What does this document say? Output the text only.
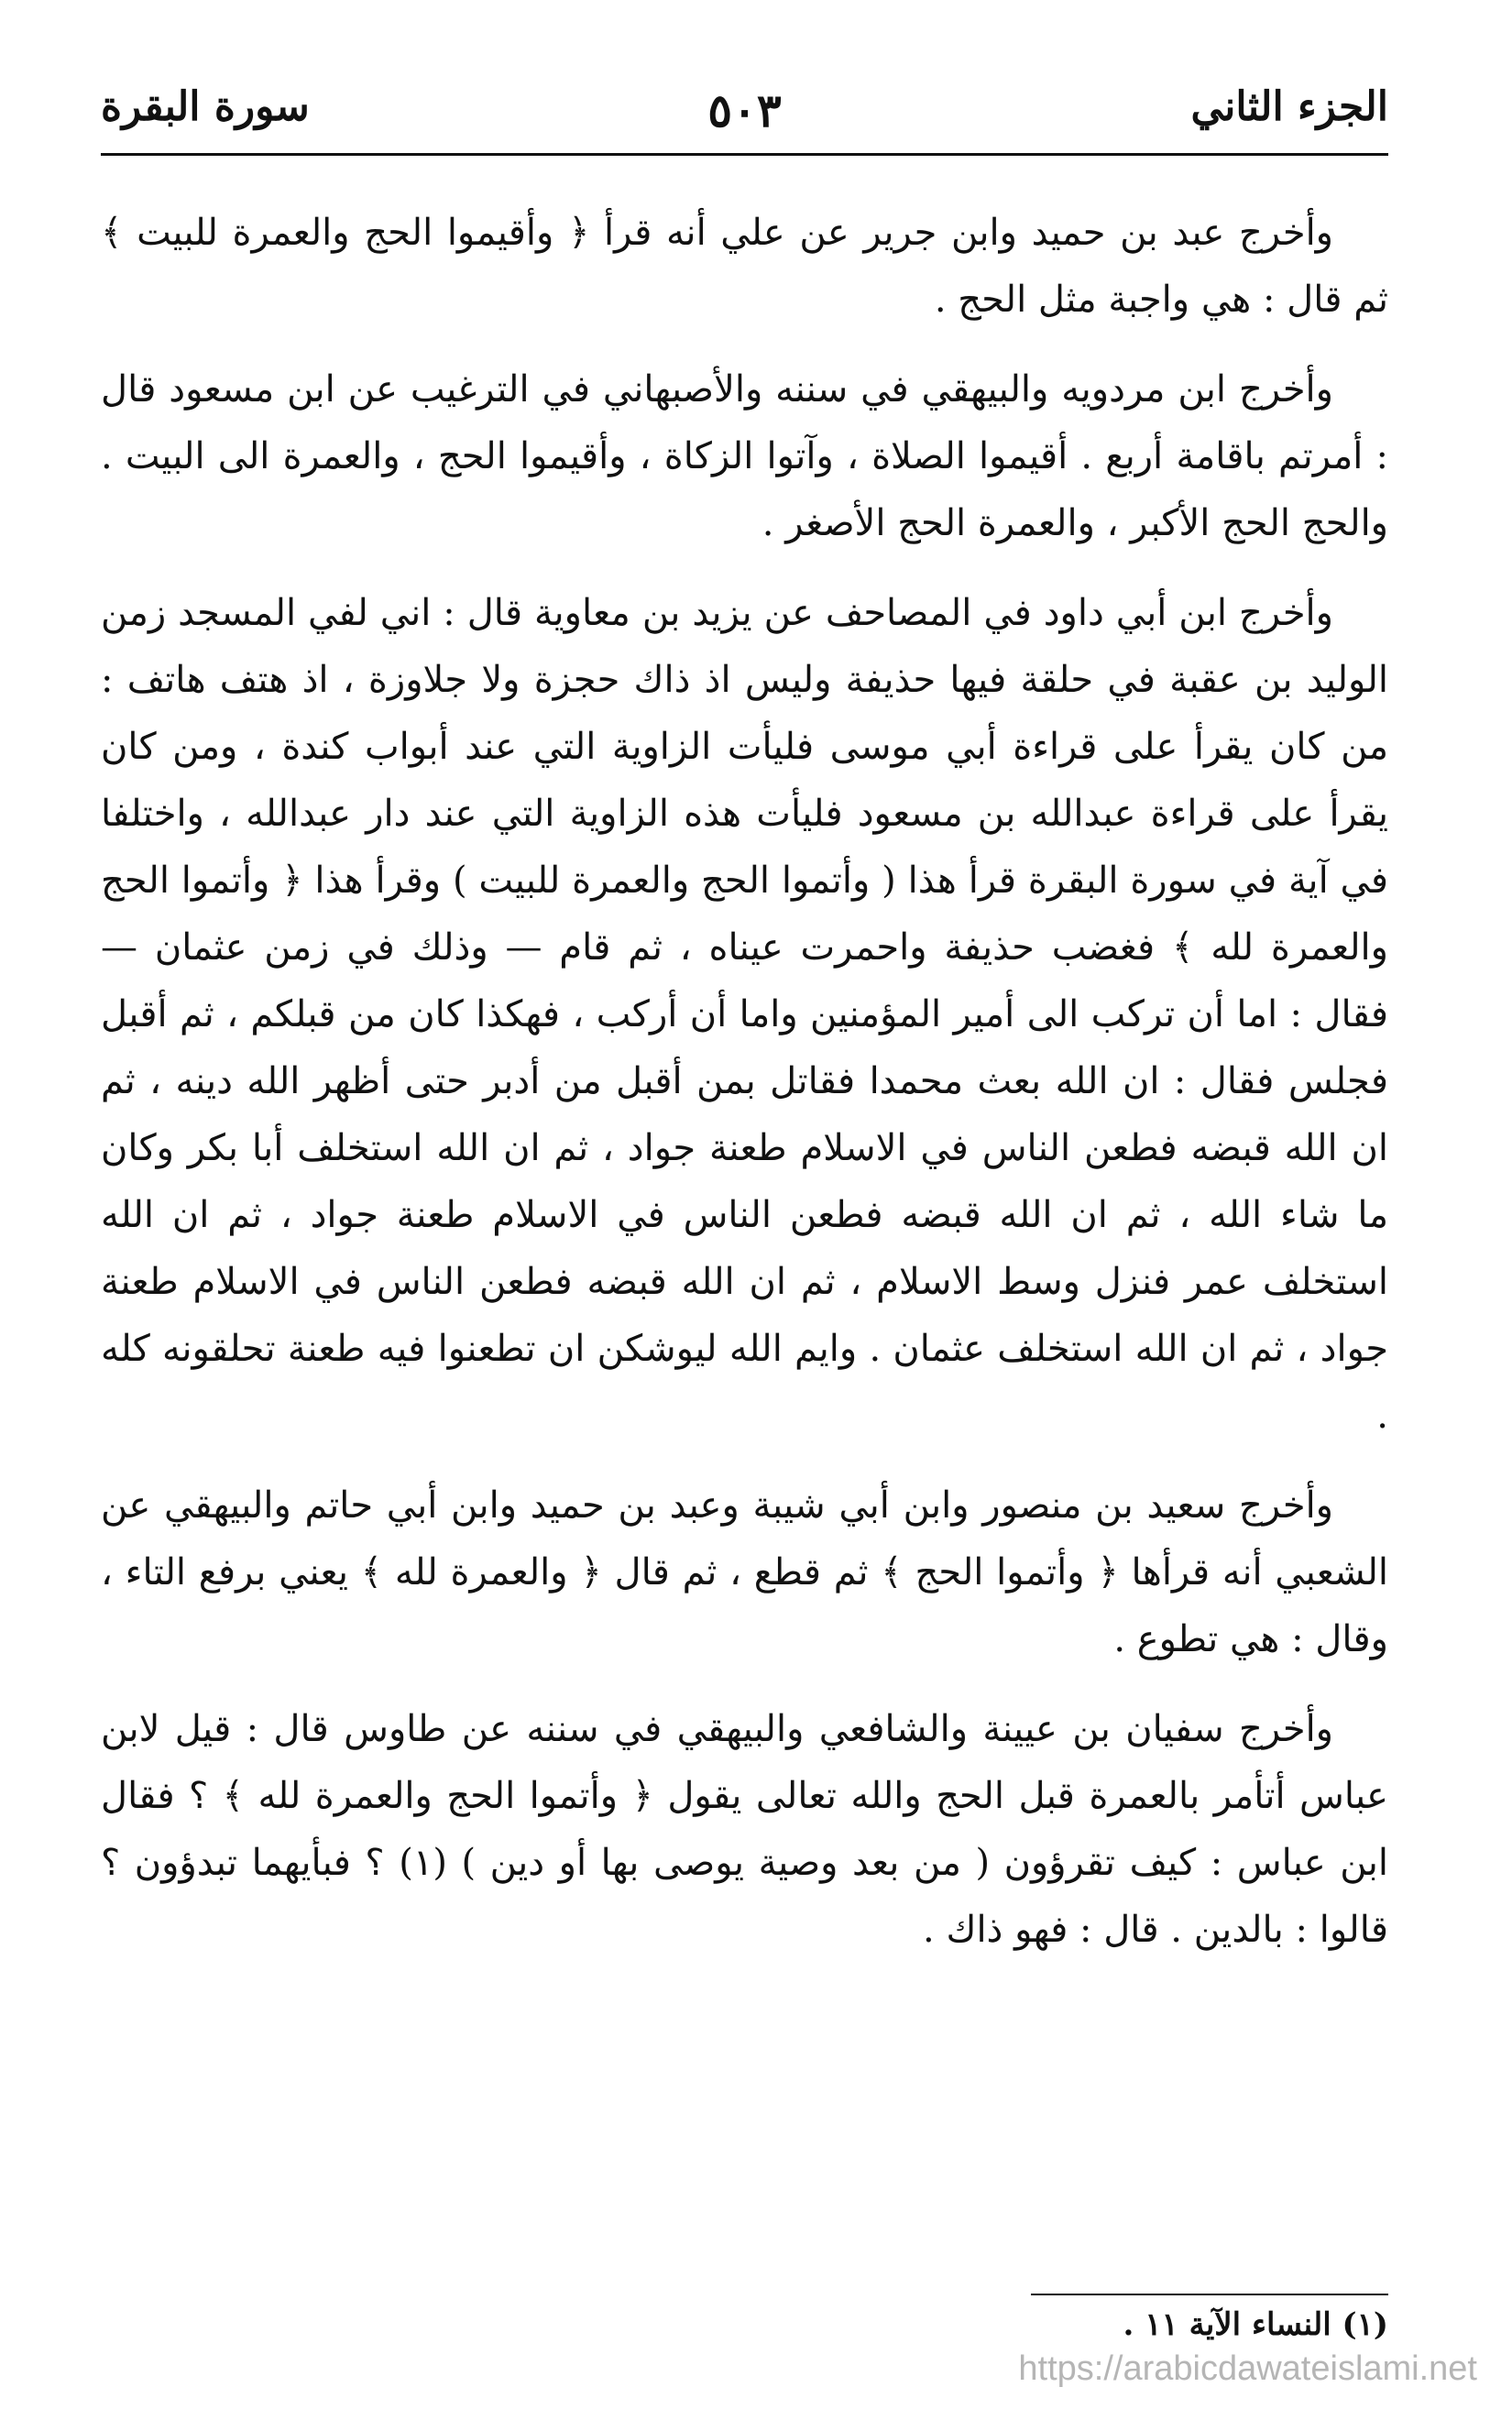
الجزء الثاني
٥٠٣
سورة البقرة

وأخرج عبد بن حميد وابن جرير عن علي أنه قرأ ﴿ وأقيموا الحج والعمرة للبيت ﴾ ثم قال : هي واجبة مثل الحج .

وأخرج ابن مردويه والبيهقي في سننه والأصبهاني في الترغيب عن ابن مسعود قال : أمرتم باقامة أربع . أقيموا الصلاة ، وآتوا الزكاة ، وأقيموا الحج ، والعمرة الى البيت . والحج الحج الأكبر ، والعمرة الحج الأصغر .

وأخرج ابن أبي داود في المصاحف عن يزيد بن معاوية قال : اني لفي المسجد زمن الوليد بن عقبة في حلقة فيها حذيفة وليس اذ ذاك حجزة ولا جلاوزة ، اذ هتف هاتف : من كان يقرأ على قراءة أبي موسى فليأت الزاوية التي عند أبواب كندة ، ومن كان يقرأ على قراءة عبدالله بن مسعود فليأت هذه الزاوية التي عند دار عبدالله ، واختلفا في آية في سورة البقرة قرأ هذا ( وأتموا الحج والعمرة للبيت ) وقرأ هذا ﴿ وأتموا الحج والعمرة لله ﴾ فغضب حذيفة واحمرت عيناه ، ثم قام — وذلك في زمن عثمان — فقال : اما أن تركب الى أمير المؤمنين واما أن أركب ، فهكذا كان من قبلكم ، ثم أقبل فجلس فقال : ان الله بعث محمدا فقاتل بمن أقبل من أدبر حتى أظهر الله دينه ، ثم ان الله قبضه فطعن الناس في الاسلام طعنة جواد ، ثم ان الله استخلف أبا بكر وكان ما شاء الله ، ثم ان الله قبضه فطعن الناس في الاسلام طعنة جواد ، ثم ان الله استخلف عمر فنزل وسط الاسلام ، ثم ان الله قبضه فطعن الناس في الاسلام طعنة جواد ، ثم ان الله استخلف عثمان . وايم الله ليوشكن ان تطعنوا فيه طعنة تحلقونه كله .

وأخرج سعيد بن منصور وابن أبي شيبة وعبد بن حميد وابن أبي حاتم والبيهقي عن الشعبي أنه قرأها ﴿ وأتموا الحج ﴾ ثم قطع ، ثم قال ﴿ والعمرة لله ﴾ يعني برفع التاء ، وقال : هي تطوع .

وأخرج سفيان بن عيينة والشافعي والبيهقي في سننه عن طاوس قال : قيل لابن عباس أتأمر بالعمرة قبل الحج والله تعالى يقول ﴿ وأتموا الحج والعمرة لله ﴾ ؟ فقال ابن عباس : كيف تقرؤون ( من بعد وصية يوصى بها أو دين ) (١) ؟ فبأيهما تبدؤون ؟ قالوا : بالدين . قال : فهو ذاك .

(١) النساء الآية ١١ .
https://arabicdawateislami.net
